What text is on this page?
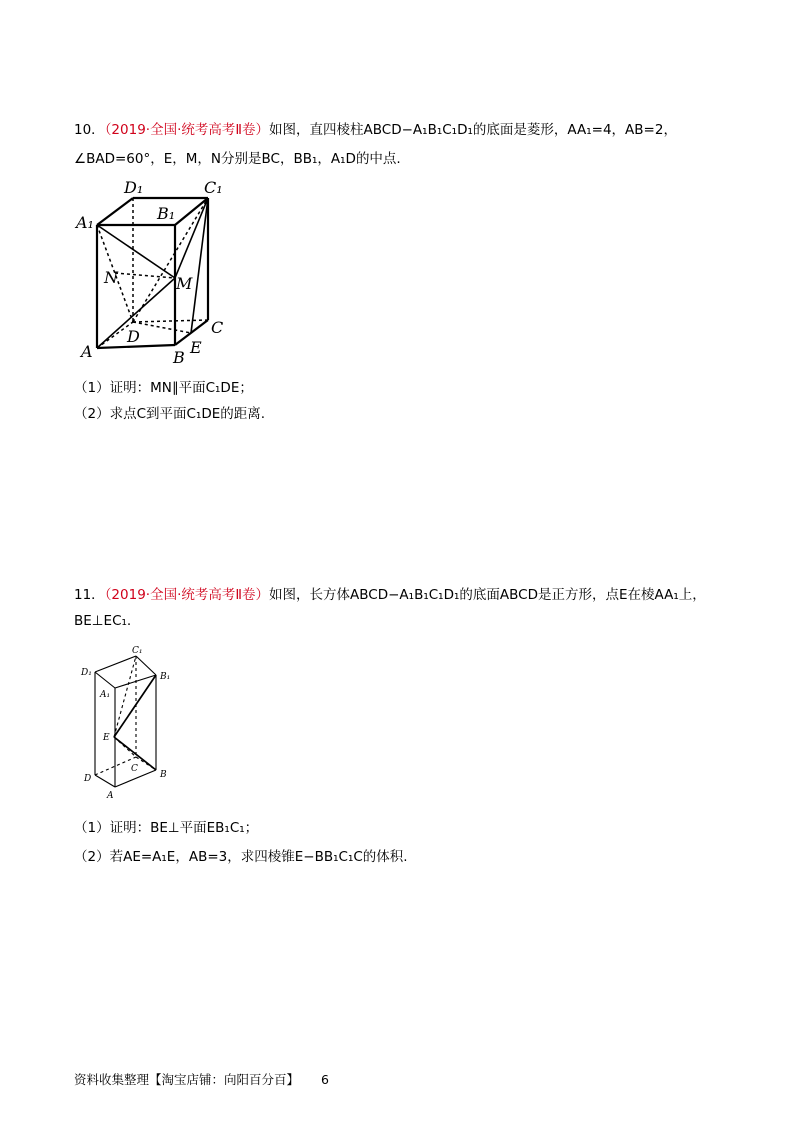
10．（2019·全国·统考高考Ⅱ卷）如图，直四棱柱ABCD−A₁B₁C₁D₁的底面是菱形，AA₁=4，AB=2，
∠BAD=60°，E，M，N分别是BC，BB₁，A₁D的中点.
D₁	C₁
A₁	B₁
N	M
D	C
A	B
E
（1）证明：MN∥平面C₁DE；
（2）求点C到平面C₁DE的距离.
11．（2019·全国·统考高考Ⅱ卷）如图，长方体ABCD−A₁B₁C₁D₁的底面ABCD是正方形，点E在棱AA₁上，
BE⊥EC₁.
C₁
D₁	B₁
A₁
E
C
B
D
A
（1）证明：BE⊥平面EB₁C₁；
（2）若AE=A₁E，AB=3，求四棱锥E−BB₁C₁C的体积.
资料收集整理【淘宝店铺：向阳百分百】 6
